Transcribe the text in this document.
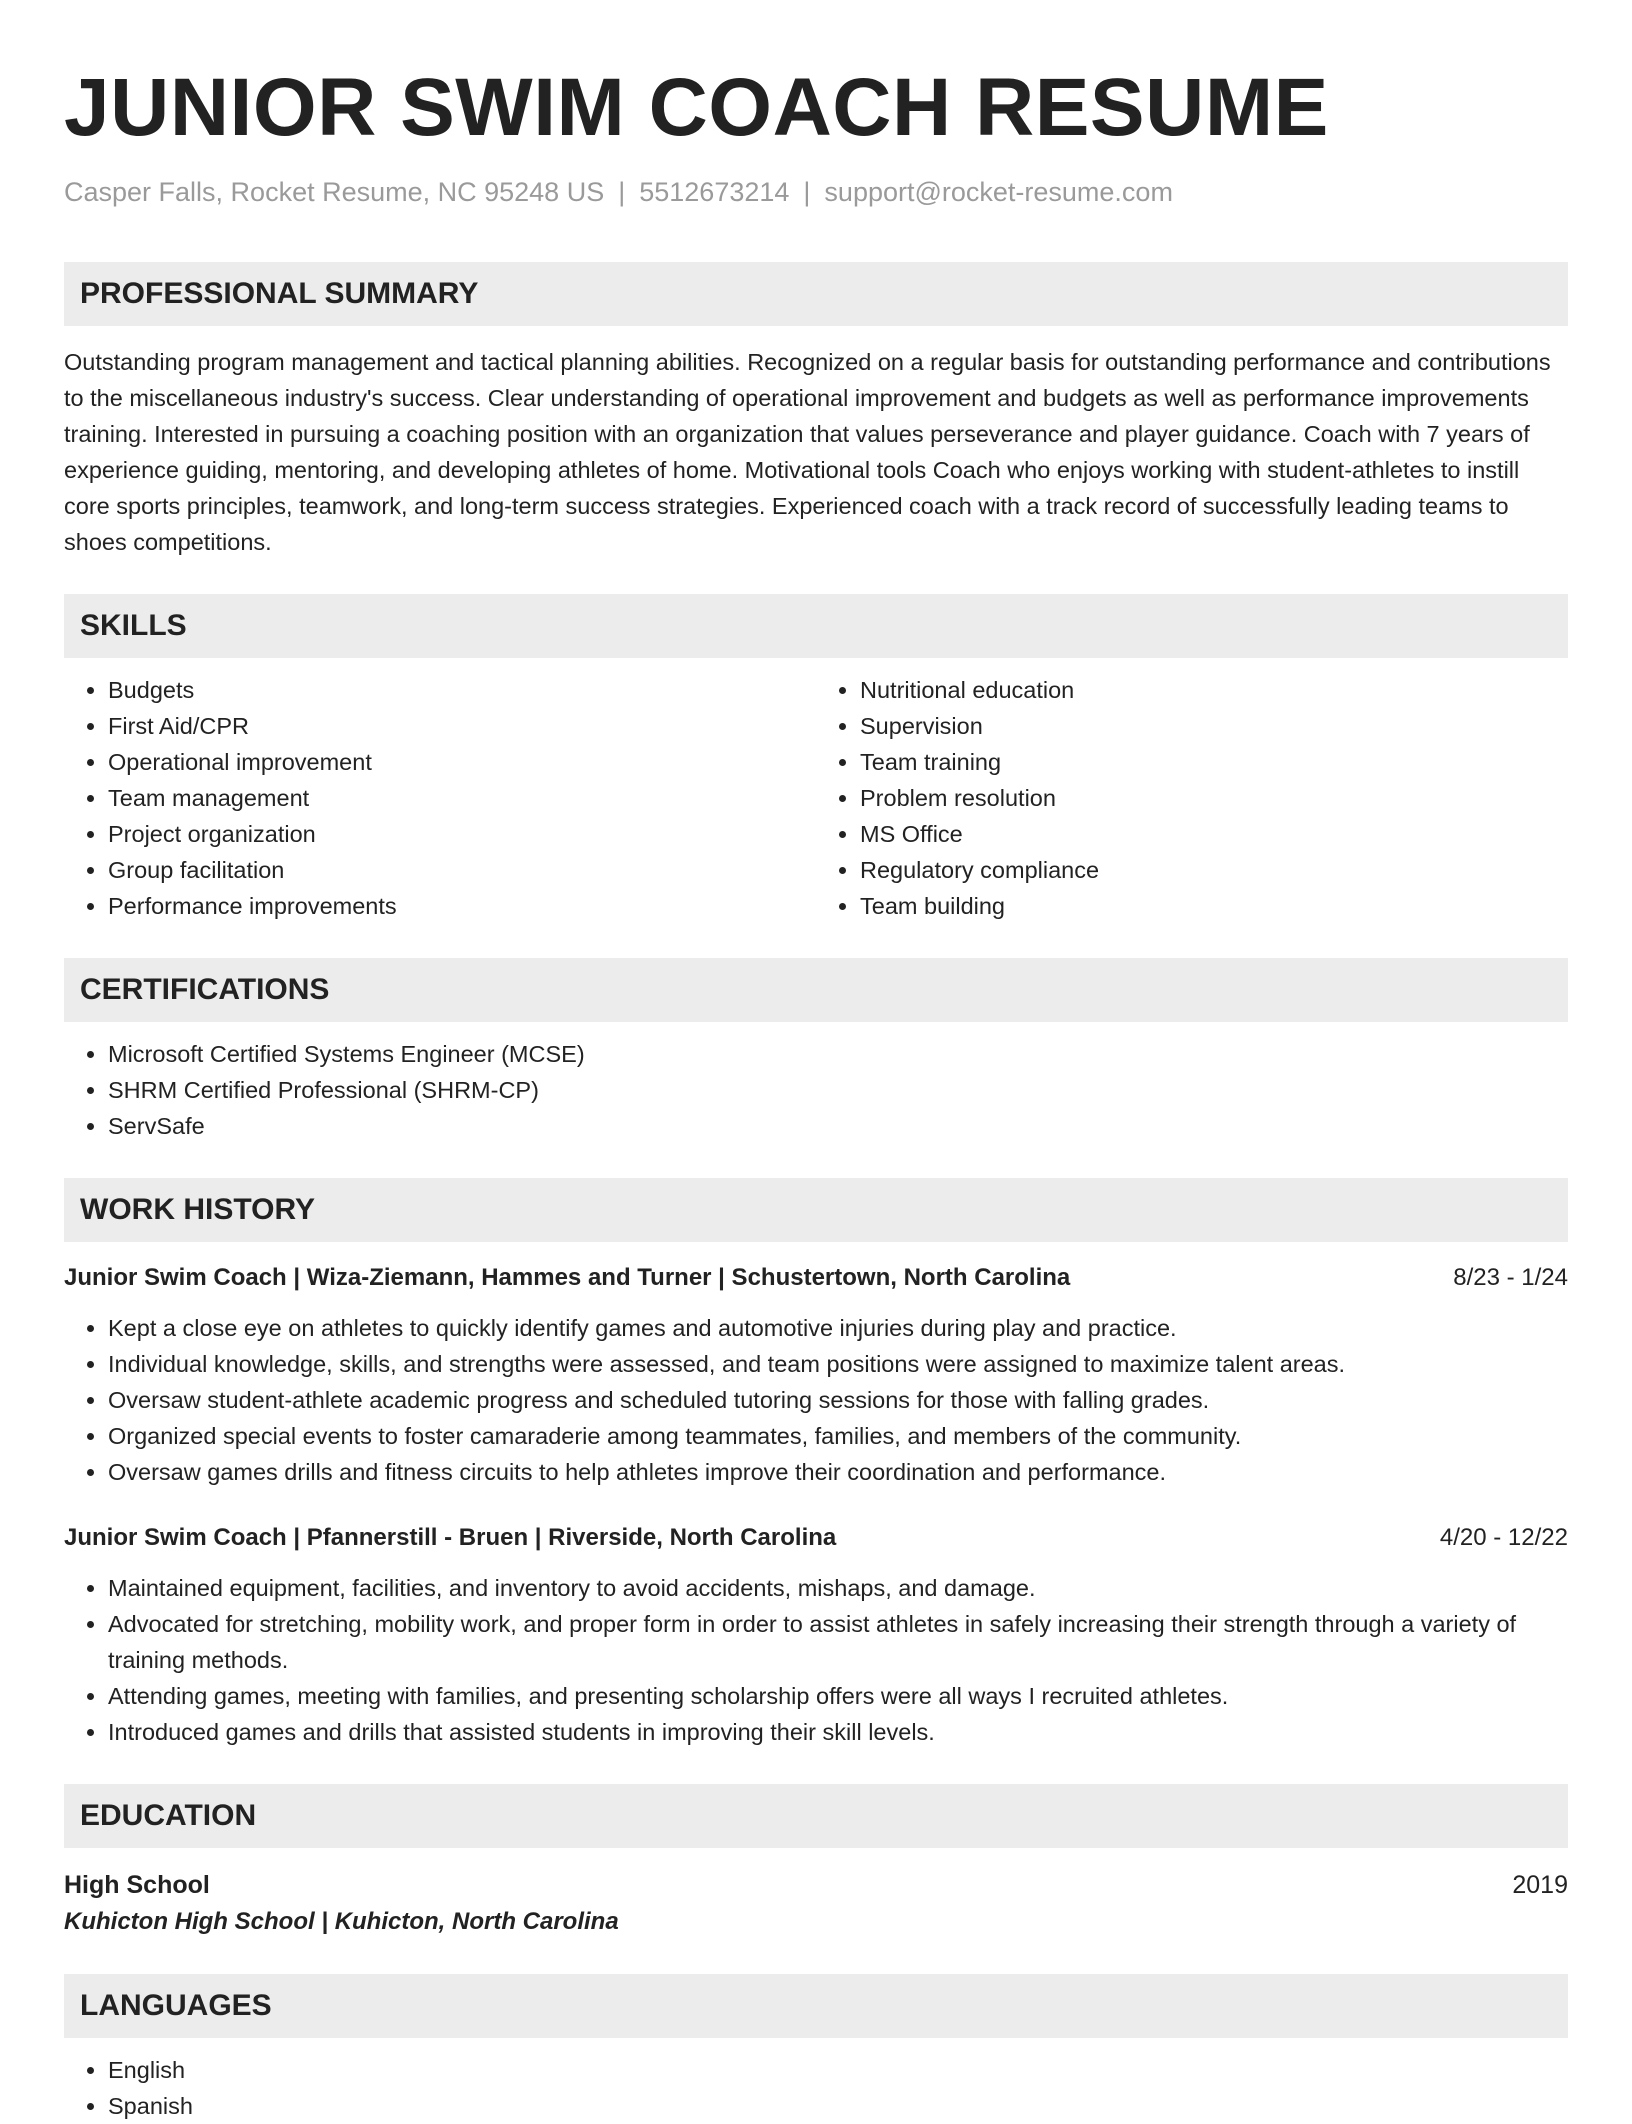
JUNIOR SWIM COACH RESUME
Casper Falls, Rocket Resume, NC 95248 US | 5512673214 | support@rocket-resume.com
PROFESSIONAL SUMMARY

Outstanding program management and tactical planning abilities. Recognized on a regular basis for outstanding performance and contributions to the miscellaneous industry's success. Clear understanding of operational improvement and budgets as well as performance improvements training. Interested in pursuing a coaching position with an organization that values perseverance and player guidance. Coach with 7 years of experience guiding, mentoring, and developing athletes of home. Motivational tools Coach who enjoys working with student-athletes to instill core sports principles, teamwork, and long-term success strategies. Experienced coach with a track record of successfully leading teams to shoes competitions.

SKILLS
• Budgets
• First Aid/CPR
• Operational improvement
• Team management
• Project organization
• Group facilitation
• Performance improvements
• Nutritional education
• Supervision
• Team training
• Problem resolution
• MS Office
• Regulatory compliance
• Team building
CERTIFICATIONS
• Microsoft Certified Systems Engineer (MCSE)
• SHRM Certified Professional (SHRM-CP)
• ServSafe
WORK HISTORY
Junior Swim Coach | Wiza-Ziemann, Hammes and Turner | Schustertown, North Carolina	8/23 - 1/24
• Kept a close eye on athletes to quickly identify games and automotive injuries during play and practice.
• Individual knowledge, skills, and strengths were assessed, and team positions were assigned to maximize talent areas.
• Oversaw student-athlete academic progress and scheduled tutoring sessions for those with falling grades.
• Organized special events to foster camaraderie among teammates, families, and members of the community.
• Oversaw games drills and fitness circuits to help athletes improve their coordination and performance.
Junior Swim Coach | Pfannerstill - Bruen | Riverside, North Carolina	4/20 - 12/22
• Maintained equipment, facilities, and inventory to avoid accidents, mishaps, and damage.
• Advocated for stretching, mobility work, and proper form in order to assist athletes in safely increasing their strength through a variety of training methods.
• Attending games, meeting with families, and presenting scholarship offers were all ways I recruited athletes.
• Introduced games and drills that assisted students in improving their skill levels.
EDUCATION
High School	2019
Kuhicton High School | Kuhicton, North Carolina
LANGUAGES
• English
• Spanish
